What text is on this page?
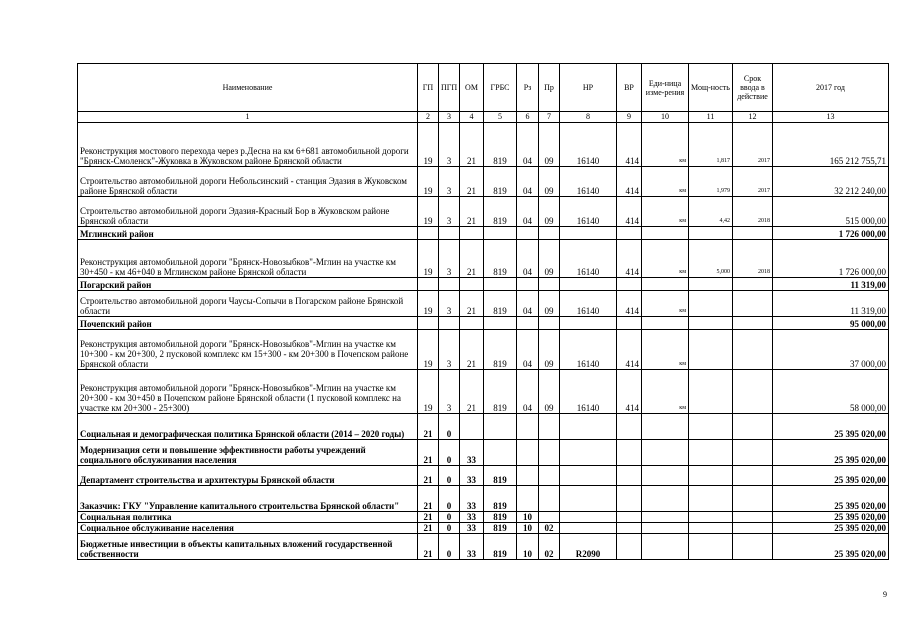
Наименование	ГП	ПГП	ОМ	ГРБС	Рз	Пр	НР	ВР	Еди-ница изме-рения	Мощ-ность	Срок ввода в действие	2017 год
1	2	3	4	5	6	7	8	9	10	11	12	13
Реконструкция мостового перехода через р.Десна на км 6+681 автомобильной дороги "Брянск-Смоленск"-Жуковка в Жуковском районе Брянской области	19	3	21	819	04	09	16140	414	км	1,817	2017	165 212 755,71
Строительство автомобильной дороги Небольсинский - станция Эдазия в Жуковском районе Брянской области	19	3	21	819	04	09	16140	414	км	1,979	2017	32 212 240,00
Строительство автомобильной дороги Эдазия-Красный Бор в Жуковском районе Брянской области	19	3	21	819	04	09	16140	414	км	4,42	2018	515 000,00
Мглинский район												1 726 000,00
Реконструкция автомобильной дороги "Брянск-Новозыбков"-Мглин на участке км 30+450 - км 46+040 в Мглинском районе Брянской области	19	3	21	819	04	09	16140	414	км	5,000	2018	1 726 000,00
Погарский район												11 319,00
Строительство автомобильной дороги Чаусы-Сопычи в Погарском районе Брянской области	19	3	21	819	04	09	16140	414	км			11 319,00
Почепский район												95 000,00
Реконструкция автомобильной дороги "Брянск-Новозыбков"-Мглин на участке км 10+300 - км 20+300, 2 пусковой комплекс км 15+300 - км 20+300 в Почепском районе Брянской области	19	3	21	819	04	09	16140	414	км			37 000,00
Реконструкция автомобильной дороги "Брянск-Новозыбков"-Мглин на участке км 20+300 - км 30+450 в Почепском районе Брянской области (1 пусковой комплекс на участке км 20+300 - 25+300)	19	3	21	819	04	09	16140	414	км			58 000,00
Социальная и демографическая политика Брянской области (2014 – 2020 годы)	21	0										25 395 020,00
Модернизация сети и повышение эффективности работы учреждений социального обслуживания населения	21	0	33									25 395 020,00
Департамент строительства и архитектуры Брянской области	21	0	33	819								25 395 020,00
Заказчик: ГКУ "Управление капитального строительства Брянской области"	21	0	33	819								25 395 020,00
Социальная политика	21	0	33	819	10							25 395 020,00
Социальное обслуживание населения	21	0	33	819	10	02						25 395 020,00
Бюджетные инвестиции в объекты капитальных вложений государственной собственности	21	0	33	819	10	02	R2090					25 395 020,00
9
